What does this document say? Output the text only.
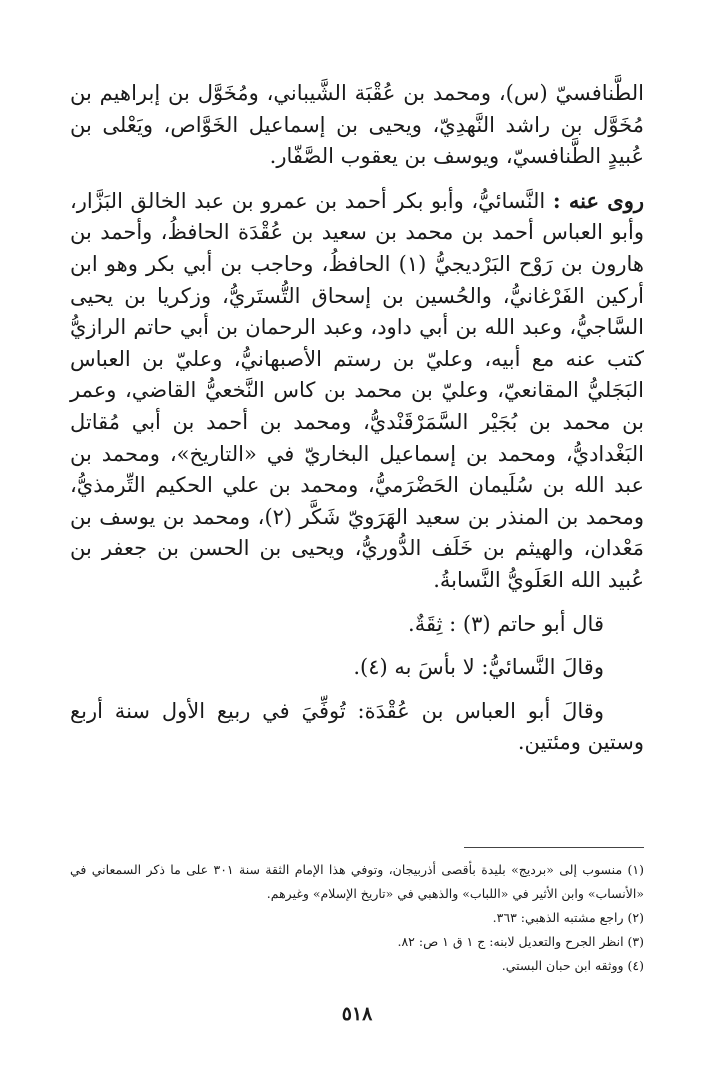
الطَّنافسيّ (س)، ومحمد بن عُقْبَة الشَّيباني، ومُخَوَّل بن إبراهيم بن مُخَوَّل بن راشد النَّهدِيّ، ويحيى بن إسماعيل الخَوَّاص، ويَعْلى بن عُبيدٍ الطَّنافسيّ، ويوسف بن يعقوب الصَّفّار.

روى عنه : النَّسائيُّ، وأبو بكر أحمد بن عمرو بن عبد الخالق البَزَّار، وأبو العباس أحمد بن محمد بن سعيد بن عُقْدَة الحافظُ، وأحمد بن هارون بن رَوْح البَرْديجيُّ (١) الحافظُ، وحاجب بن أبي بكر وهو ابن أركين الفَرْغانيُّ، والحُسين بن إسحاق التُّستَريُّ، وزكريا بن يحيى السَّاجيُّ، وعبد الله بن أبي داود، وعبد الرحمان بن أبي حاتم الرازيُّ كتب عنه مع أبيه، وعليّ بن رستم الأصبهانيُّ، وعليّ بن العباس البَجَليُّ المقانعيّ، وعليّ بن محمد بن كاس النَّخعيُّ القاضي، وعمر بن محمد بن بُجَيْر السَّمَرْقَنْديُّ، ومحمد بن أحمد بن أبي مُقاتل البَغْداديُّ، ومحمد بن إسماعيل البخاريّ في «التاريخ»، ومحمد بن عبد الله بن سُلَيمان الحَضْرَميُّ، ومحمد بن علي الحكيم التِّرمذيُّ، ومحمد بن المنذر بن سعيد الهَرَويّ شَكَّر (٢)، ومحمد بن يوسف بن مَعْدان، والهيثم بن خَلَف الدُّوريُّ، ويحيى بن الحسن بن جعفر بن عُبيد الله العَلَويُّ النَّسابةُ.

قال أبو حاتم (٣) : ثِقَةٌ.

وقالَ النَّسائيُّ: لا بأسَ به (٤).

وقالَ أبو العباس بن عُقْدَة: تُوفِّيَ في ربيع الأول سنة أربع وستين ومئتين.

(١) منسوب إلى «برديج» بليدة بأقصى أذربيجان، وتوفي هذا الإمام الثقة سنة ٣٠١ على ما ذكر السمعاني في «الأنساب» وابن الأثير في «اللباب» والذهبي في «تاريخ الإسلام» وغيرهم.

(٢) راجع مشتبه الذهبي: ٣٦٣.

(٣) انظر الجرح والتعديل لابنه: ج ١ ق ١ ص: ٨٢.

(٤) ووثقه ابن حبان البستي.

٥١٨
